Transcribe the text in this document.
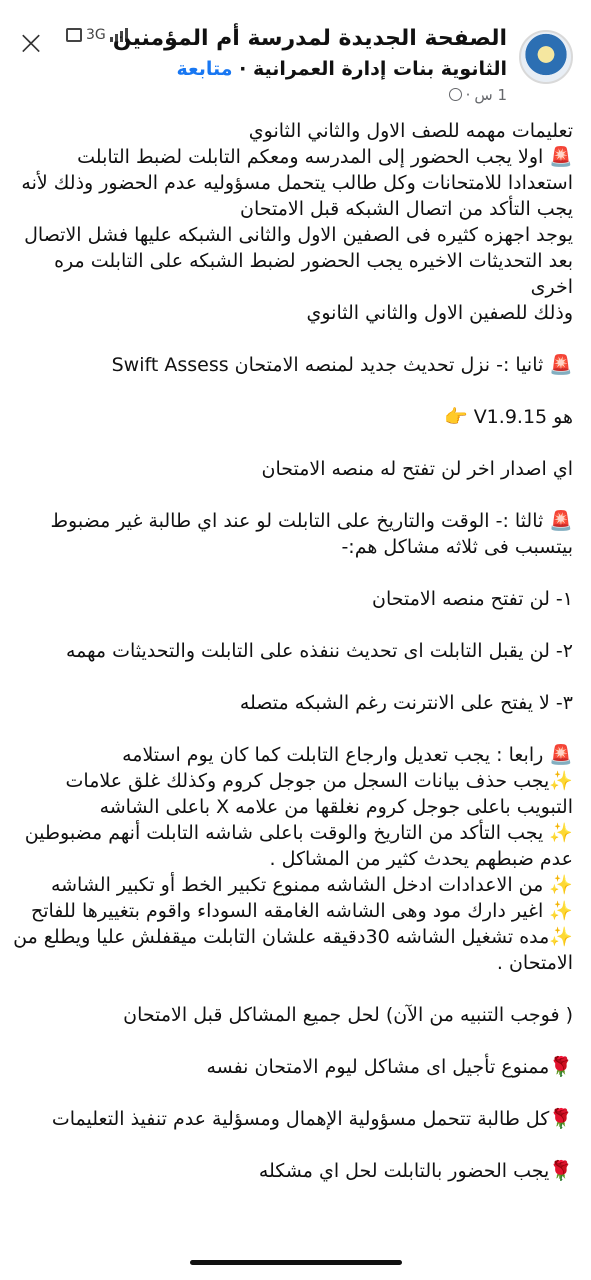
×	3G الصفحة الجديدة لمدرسة أم المؤمنين
الثانوية بنات إدارة العمرانية · متابعة
1 س
·

تعليمات مهمه للصف الاول والثاني الثانوي

🚨 اولا يجب الحضور إلى المدرسه ومعكم التابلت لضبط التابلت استعدادا للامتحانات وكل طالب يتحمل مسؤوليه عدم الحضور وذلك لأنه يجب التأكد من اتصال الشبكه قبل الامتحان

يوجد اجهزه كثيره فى الصفين الاول والثانى الشبكه عليها فشل الاتصال بعد التحديثات الاخيره يجب الحضور لضبط الشبكه على التابلت مره اخرى

وذلك للصفين الاول والثاني الثانوي

🚨 ثانيا :- نزل تحديث جديد لمنصه الامتحان Swift Assess

هو V1.9.15 👉

اي اصدار اخر لن تفتح له منصه الامتحان

🚨 ثالثا :- الوقت والتاريخ على التابلت لو عند اي طالبة غير مضبوط بيتسبب فى ثلاثه مشاكل هم:-

١- لن تفتح منصه الامتحان

٢- لن يقبل التابلت اى تحديث ننفذه على التابلت والتحديثات مهمه

٣- لا يفتح على الانترنت رغم الشبكه متصله

🚨 رابعا : يجب تعديل وارجاع التابلت كما كان يوم استلامه

✨يجب حذف بيانات السجل من جوجل كروم وكذلك غلق علامات التبويب باعلى جوجل كروم نغلقها من علامه X باعلى الشاشه

✨ يجب التأكد من التاريخ والوقت باعلى شاشه التابلت أنهم مضبوطين عدم ضبطهم يحدث كثير من المشاكل .

✨ من الاعدادات ادخل الشاشه ممنوع تكبير الخط أو تكبير الشاشه

✨ اغير دارك مود وهى الشاشه الغامقه السوداء واقوم بتغييرها للفاتح

✨مده تشغيل الشاشه 30دقيقه علشان التابلت ميقفلش عليا ويطلع من الامتحان .

( فوجب التنبيه من الآن) لحل جميع المشاكل قبل الامتحان

🌹ممنوع تأجيل اى مشاكل ليوم الامتحان نفسه

🌹كل طالبة تتحمل مسؤولية الإهمال ومسؤلية عدم تنفيذ التعليمات

🌹يجب الحضور بالتابلت لحل اي مشكله
